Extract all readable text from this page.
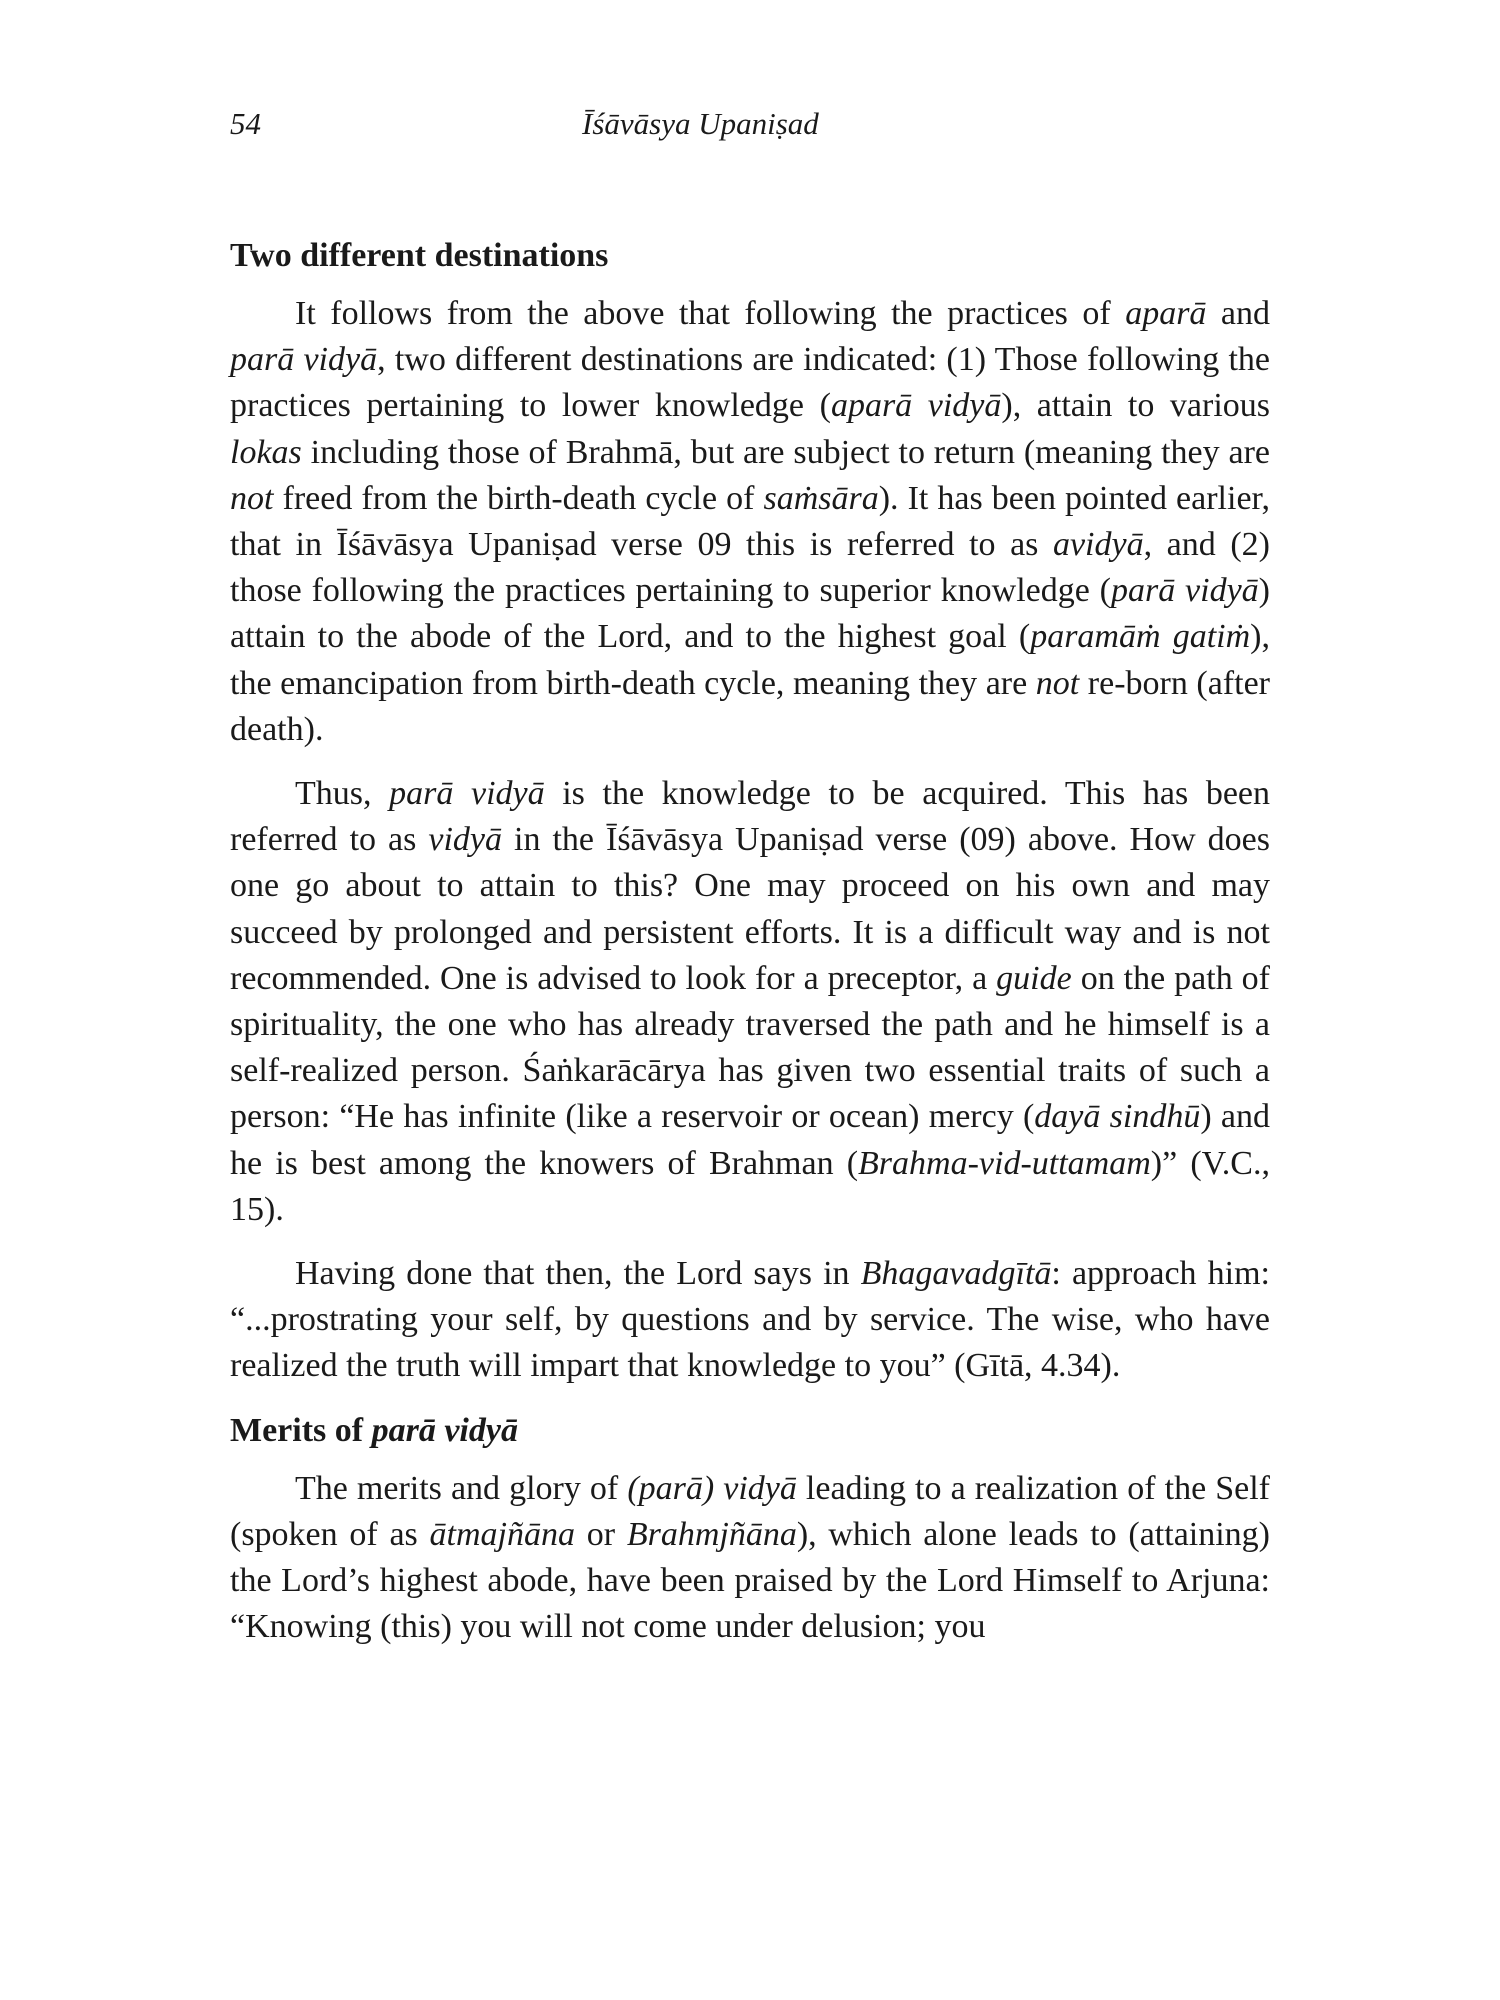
54	Īśāvāsya Upaniṣad
Two different destinations

It follows from the above that following the practices of aparā and parā vidyā, two different destinations are indicated: (1) Those following the practices pertaining to lower knowledge (aparā vidyā), attain to various lokas including those of Brahmā, but are subject to return (meaning they are not freed from the birth-death cycle of saṁsāra). It has been pointed earlier, that in Īśāvāsya Upaniṣad verse 09 this is referred to as avidyā, and (2) those following the practices pertaining to superior knowledge (parā vidyā) attain to the abode of the Lord, and to the highest goal (paramāṁ gatiṁ), the emancipation from birth-death cycle, meaning they are not re-born (after death).

Thus, parā vidyā is the knowledge to be acquired. This has been referred to as vidyā in the Īśāvāsya Upaniṣad verse (09) above. How does one go about to attain to this? One may proceed on his own and may succeed by prolonged and persistent efforts. It is a difficult way and is not recommended. One is advised to look for a preceptor, a guide on the path of spirituality, the one who has already traversed the path and he himself is a self-realized person. Śaṅkarācārya has given two essential traits of such a person: “He has infinite (like a reservoir or ocean) mercy (dayā sindhū) and he is best among the knowers of Brahman (Brahma-vid-uttamam)” (V.C., 15).

Having done that then, the Lord says in Bhagavadgītā: approach him: “...prostrating your self, by questions and by service. The wise, who have realized the truth will impart that knowledge to you” (Gītā, 4.34).

Merits of parā vidyā

The merits and glory of (parā) vidyā leading to a realization of the Self (spoken of as ātmajñāna or Brahmjñāna), which alone leads to (attaining) the Lord’s highest abode, have been praised by the Lord Himself to Arjuna: “Knowing (this) you will not come under delusion; you
